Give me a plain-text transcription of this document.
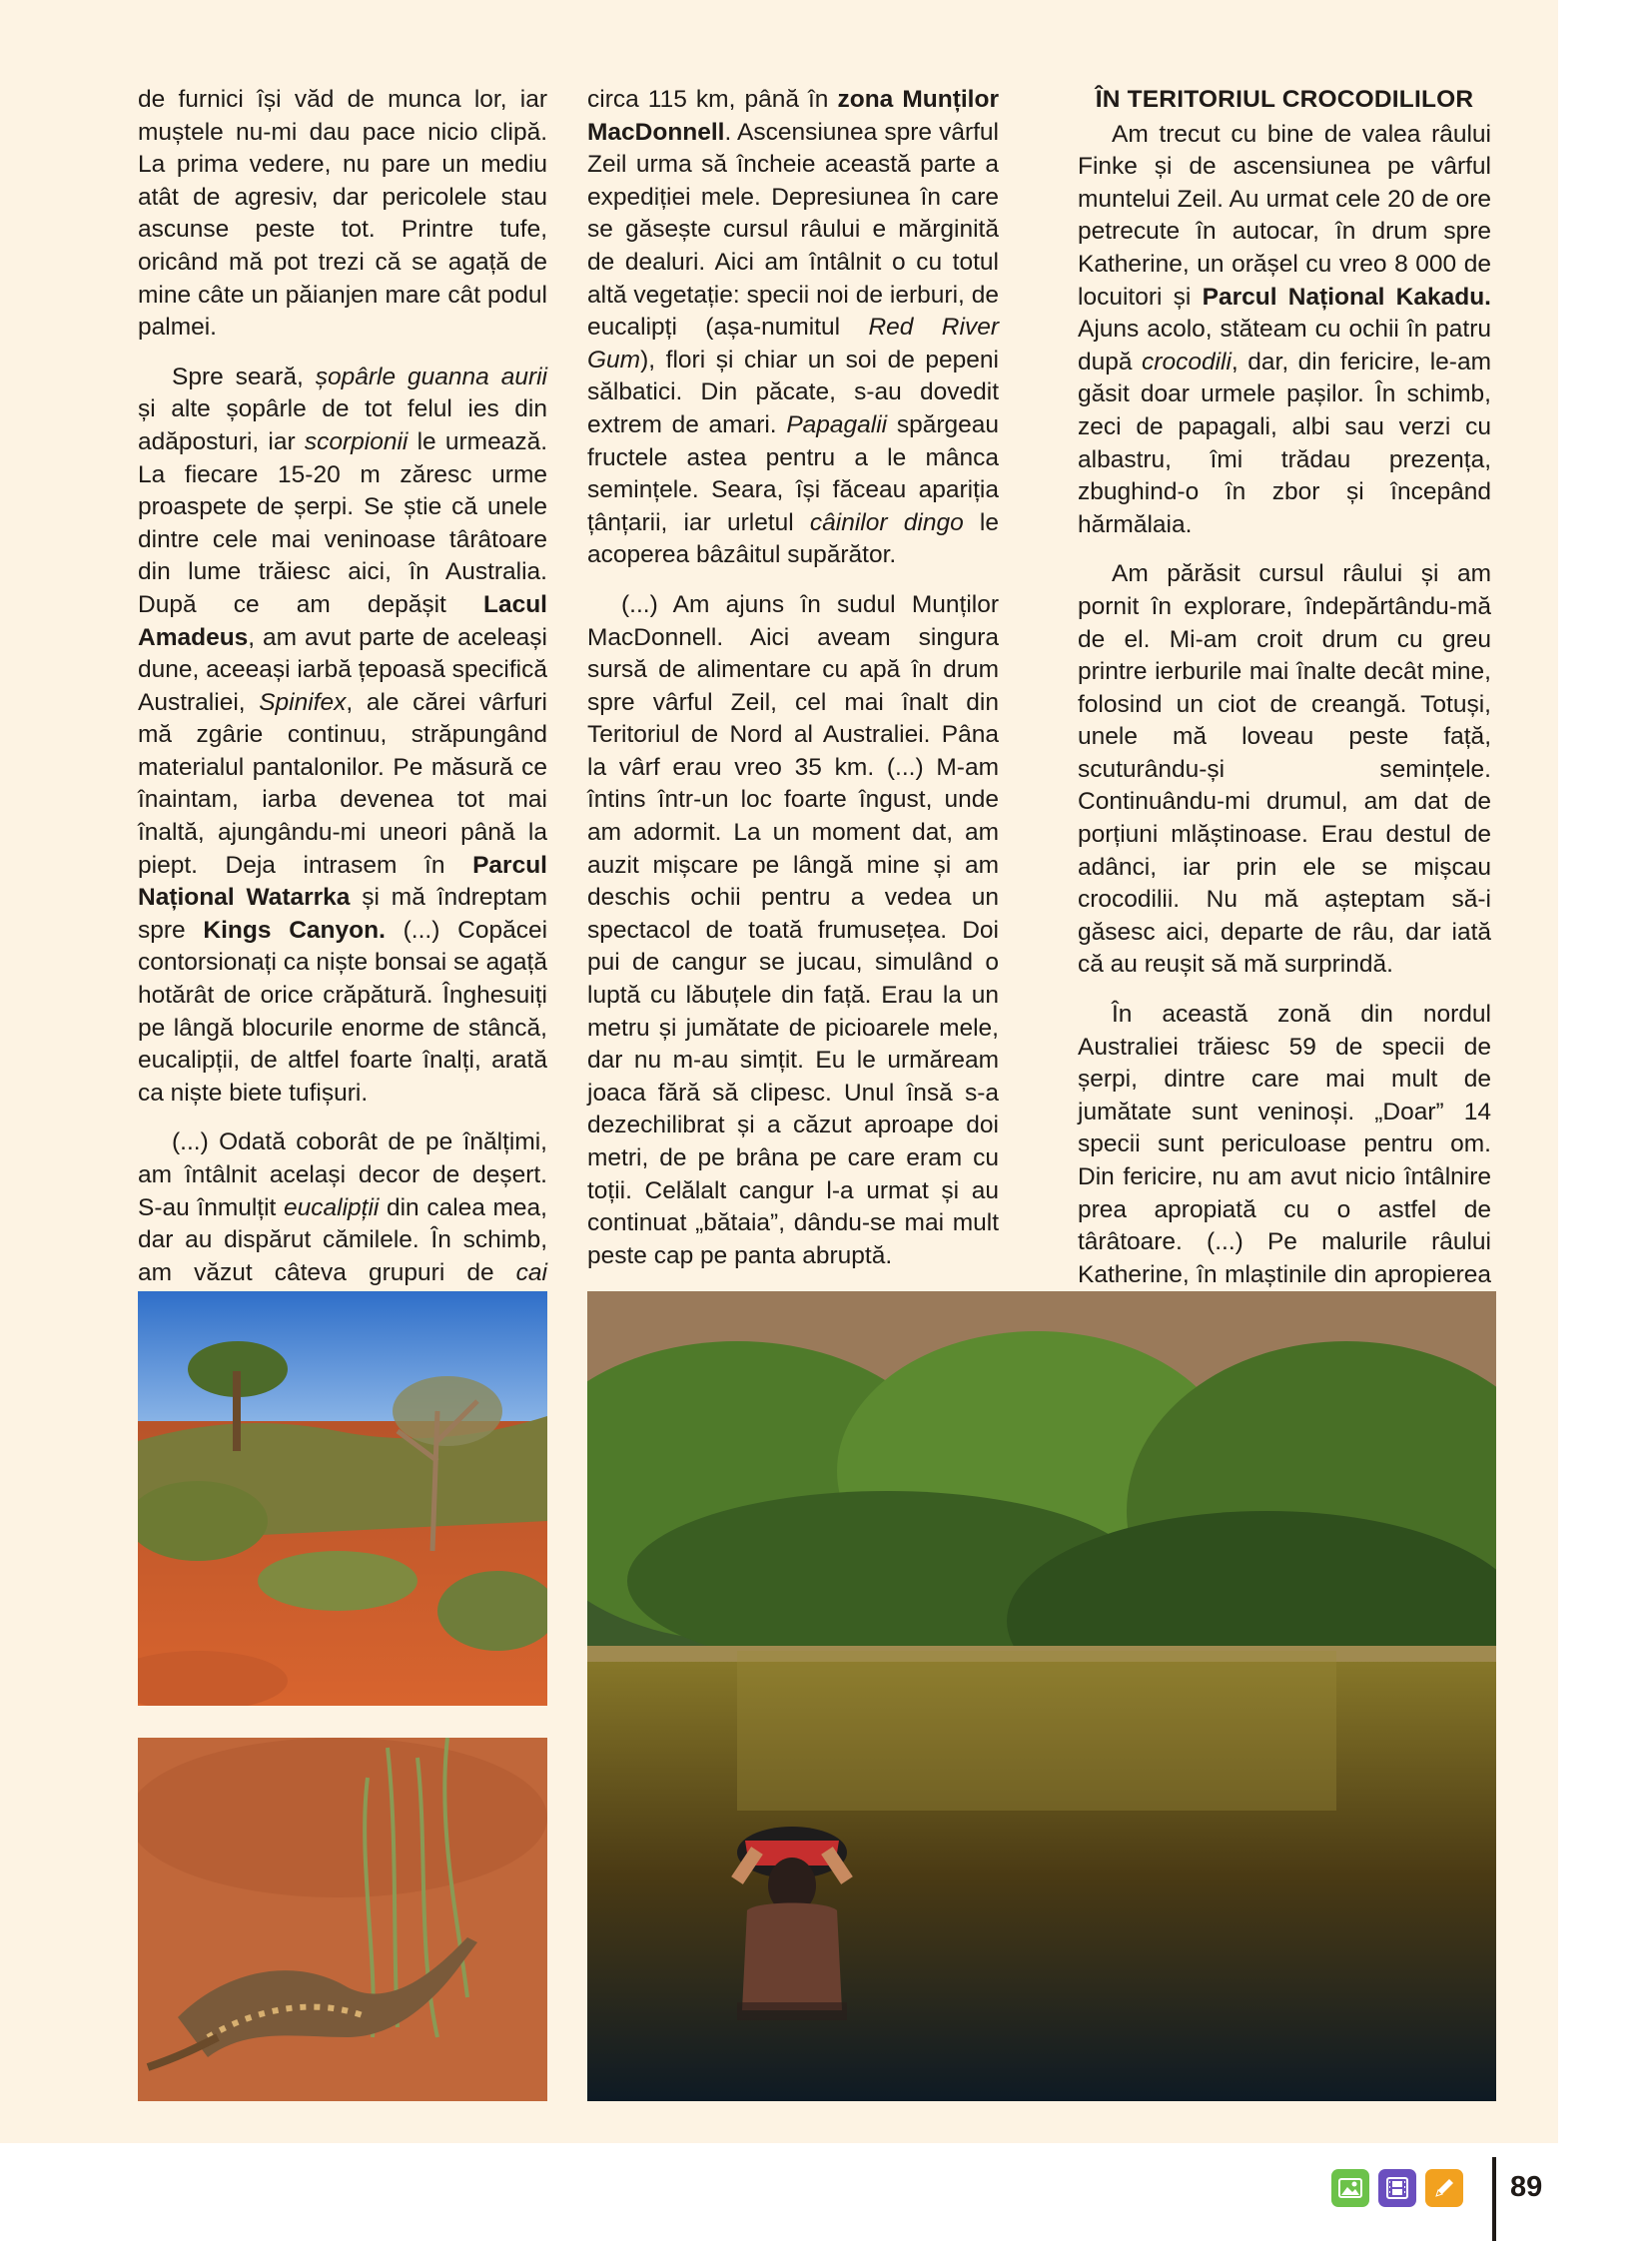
de furnici își văd de munca lor, iar muștele nu-mi dau pace nicio clipă. La prima vedere, nu pare un mediu atât de agresiv, dar pericolele stau ascunse peste tot. Printre tufe, oricând mă pot trezi că se agață de mine câte un păianjen mare cât podul palmei.

Spre seară, șopârle guanna aurii și alte șopârle de tot felul ies din adăposturi, iar scorpionii le urmează. La fiecare 15-20 m zăresc urme proaspete de șerpi. Se știe că unele dintre cele mai veninoase târâtoare din lume trăiesc aici, în Australia. După ce am depășit Lacul Amadeus, am avut parte de aceleași dune, aceeași iarbă țepoasă specifică Australiei, Spinifex, ale cărei vârfuri mă zgârie continuu, străpungând materialul pantalonilor. Pe măsură ce înaintam, iarba devenea tot mai înaltă, ajungându-mi uneori până la piept. Deja intrasem în Parcul Național Watarrka și mă îndreptam spre Kings Canyon. (...) Copăcei contorsionați ca niște bonsai se agață hotărât de orice crăpătură. Înghesuiți pe lângă blocurile enorme de stâncă, eucalipții, de altfel foarte înalți, arată ca niște biete tufișuri.

(...) Odată coborât de pe înălțimi, am întâlnit același decor de deșert. S-au înmulțit eucalipții din calea mea, dar au dispărut cămilele. În schimb, am văzut câteva grupuri de cai

circa 115 km, până în zona Munților MacDonnell. Ascensiunea spre vârful Zeil urma să încheie această parte a expediției mele. Depresiunea în care se găsește cursul râului e mărginită de dealuri. Aici am întâlnit o cu totul altă vegetație: specii noi de ierburi, de eucalipți (așa-numitul Red River Gum), flori și chiar un soi de pepeni sălbatici. Din păcate, s-au dovedit extrem de amari. Papagalii spărgeau fructele astea pentru a le mânca semințele. Seara, își făceau apariția țânțarii, iar urletul câinilor dingo le acoperea bâzâitul supărător.

(...) Am ajuns în sudul Munților MacDonnell. Aici aveam singura sursă de alimentare cu apă în drum spre vârful Zeil, cel mai înalt din Teritoriul de Nord al Australiei. Pâna la vârf erau vreo 35 km. (...) M-am întins într-un loc foarte îngust, unde am adormit. La un moment dat, am auzit mișcare pe lângă mine și am deschis ochii pentru a vedea un spectacol de toată frumusețea. Doi pui de cangur se jucau, simulând o luptă cu lăbuțele din față. Erau la un metru și jumătate de picioarele mele, dar nu m-au simțit. Eu le urmăream joaca fără să clipesc. Unul însă s-a dezechilibrat și a căzut aproape doi metri, de pe brâna pe care eram cu toții. Celălalt cangur l-a urmat și au continuat „bătaia”, dându-se mai mult peste cap pe panta abruptă.

ÎN TERITORIUL CROCODILILOR

Am trecut cu bine de valea râului Finke și de ascensiunea pe vârful muntelui Zeil. Au urmat cele 20 de ore petrecute în autocar, în drum spre Katherine, un orășel cu vreo 8 000 de locuitori și Parcul Național Kakadu. Ajuns acolo, stăteam cu ochii în patru după crocodili, dar, din fericire, le-am găsit doar urmele pașilor. În schimb, zeci de papagali, albi sau verzi cu albastru, îmi trădau prezența, zbughind-o în zbor și începând hărmălaia.

Am părăsit cursul râului și am pornit în explorare, îndepărtându-mă de el. Mi-am croit drum cu greu printre ierburile mai înalte decât mine, folosind un ciot de creangă. Totuși, unele mă loveau peste față, scuturându-și semințele. Continuându-mi drumul, am dat de porțiuni mlăștinoase. Erau destul de adânci, iar prin ele se mișcau crocodilii. Nu mă așteptam să-i găsesc aici, departe de râu, dar iată că au reușit să mă surprindă.

În această zonă din nordul Australiei trăiesc 59 de specii de șerpi, dintre care mai mult de jumătate sunt veninoși. „Doar” 14 specii sunt periculoase pentru om. Din fericire, nu am avut nicio întâlnire prea apropiată cu o astfel de târâtoare. (...) Pe malurile râului Katherine, în mlaștinile din apropierea

89
